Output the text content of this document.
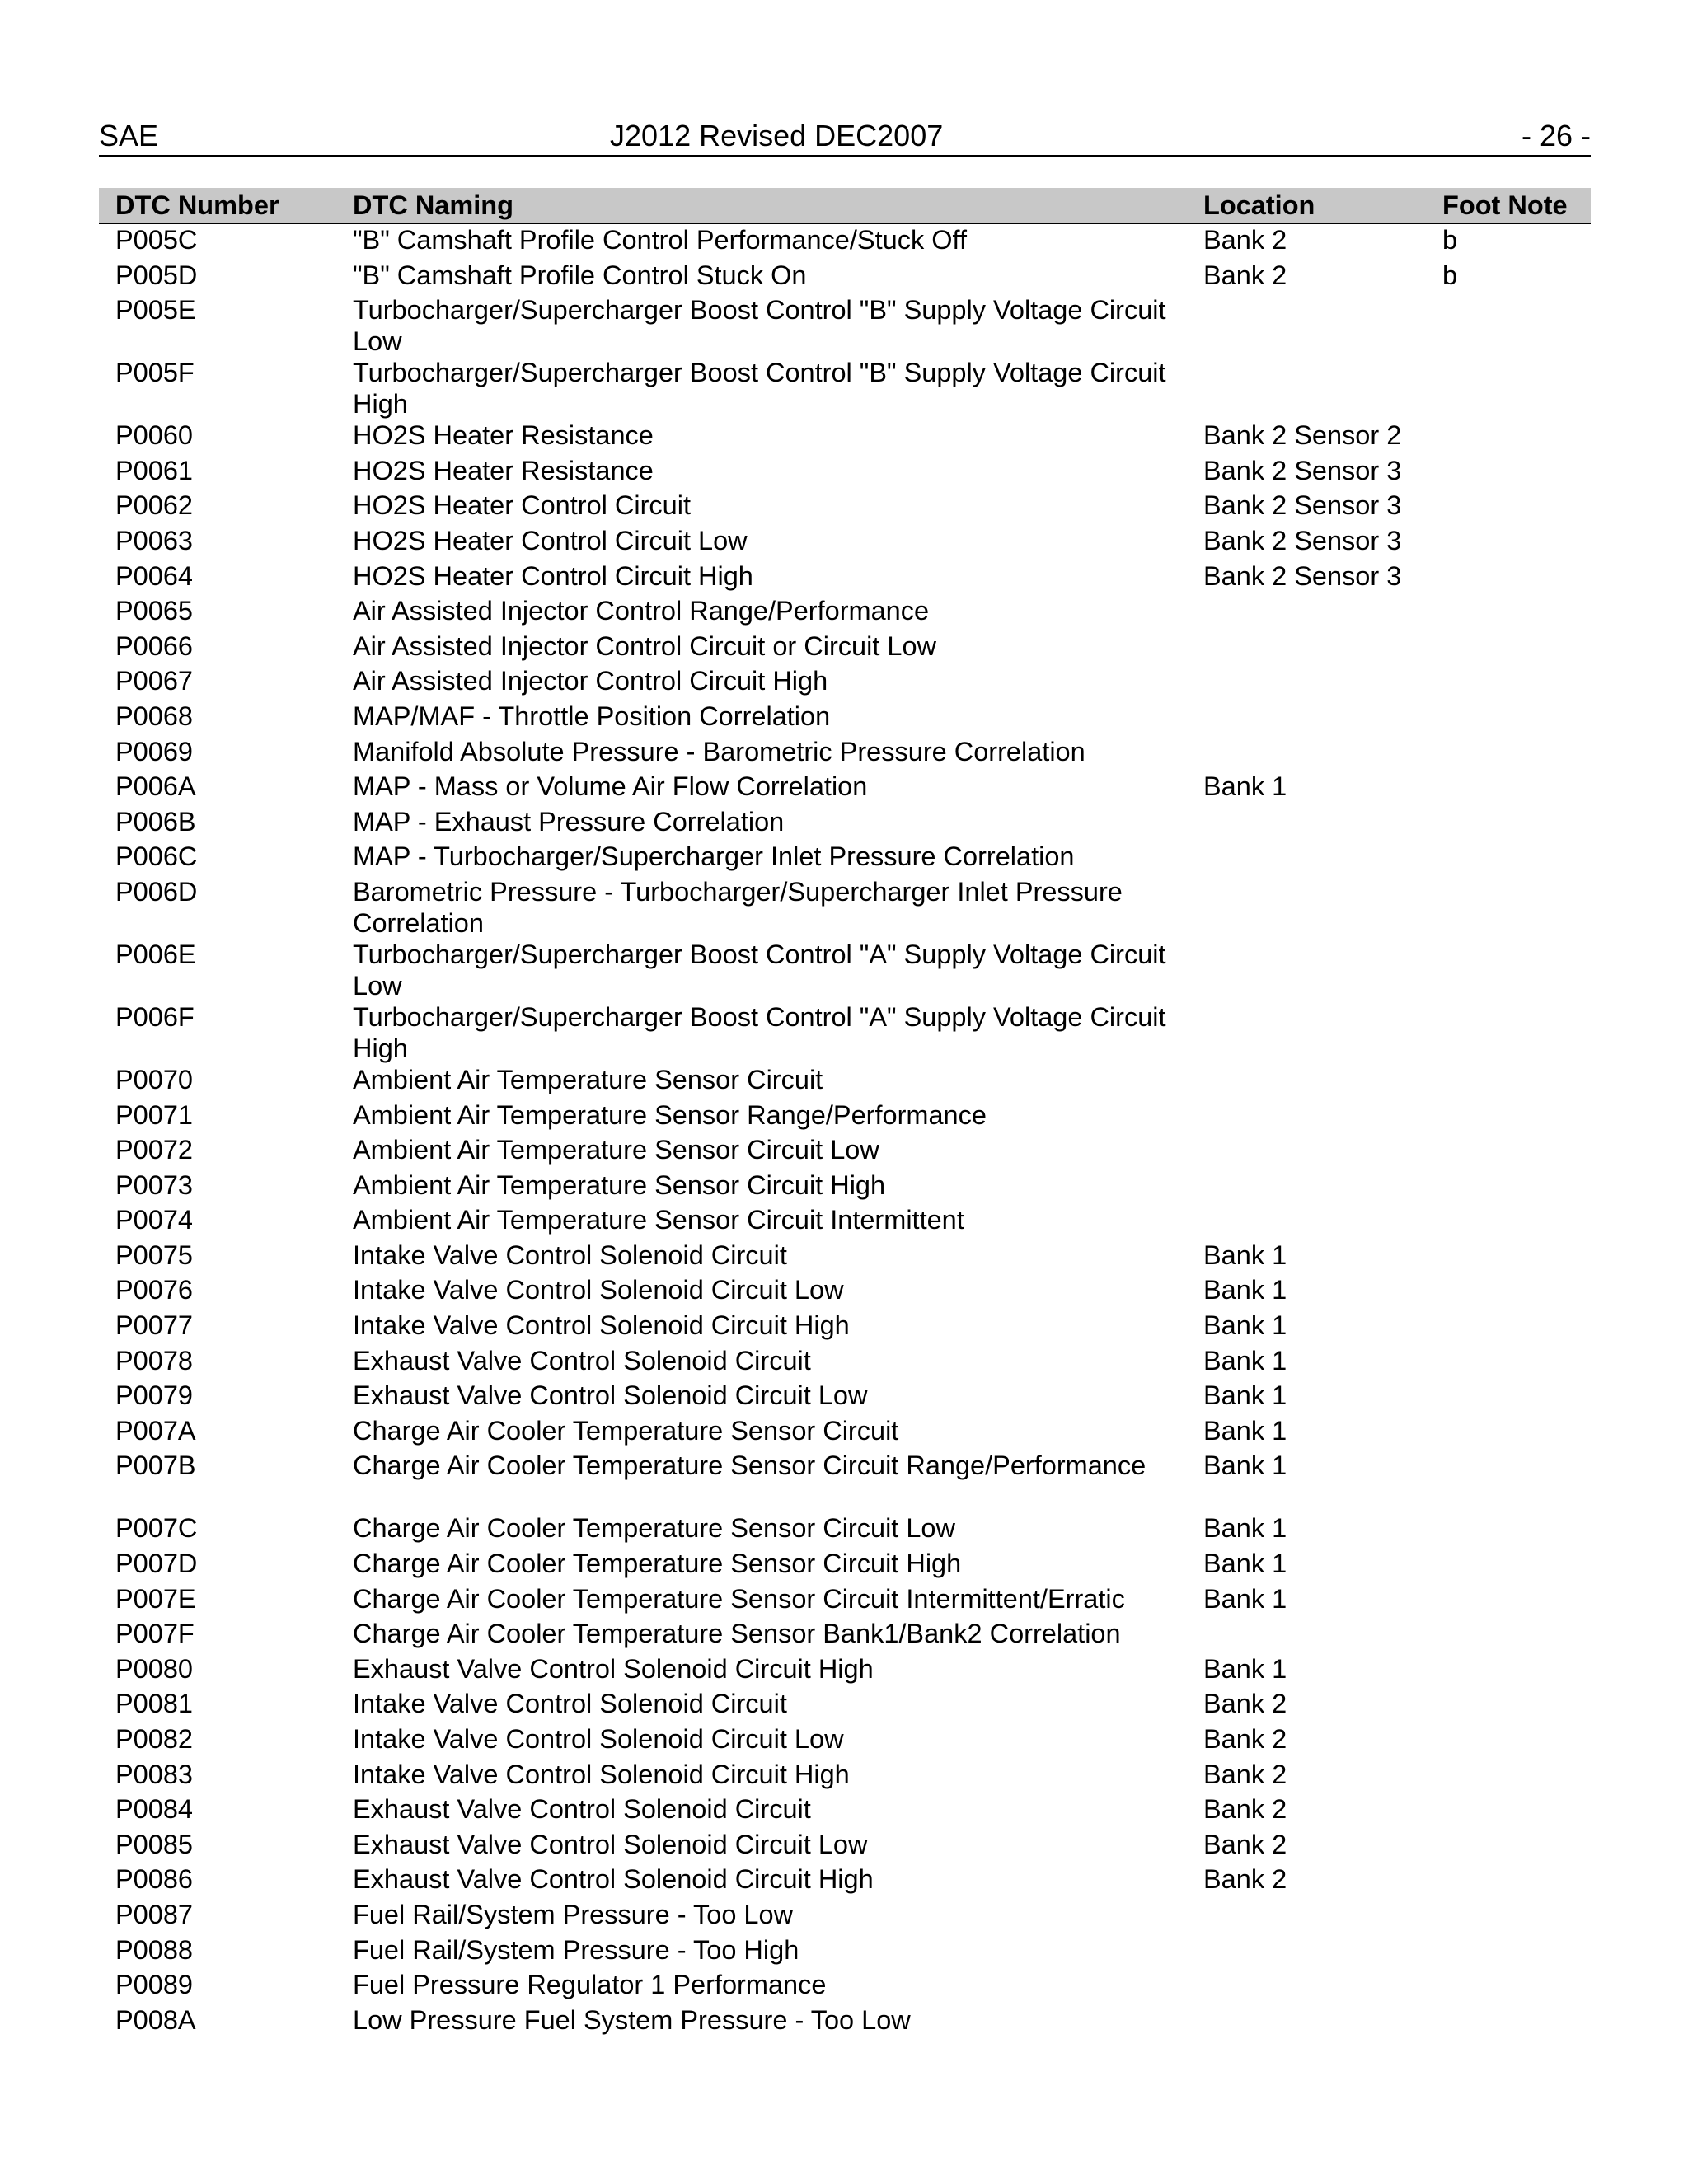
SAE	J2012 Revised DEC2007	- 26 -
DTC Number	DTC Naming	Location	Foot Note
P005C	"B" Camshaft Profile Control Performance/Stuck Off	Bank 2	b
P005D	"B" Camshaft Profile Control Stuck On	Bank 2	b
P005E	Turbocharger/Supercharger Boost Control "B" Supply Voltage Circuit Low		
P005F	Turbocharger/Supercharger Boost Control "B" Supply Voltage Circuit High		
P0060	HO2S Heater Resistance	Bank 2 Sensor 2	
P0061	HO2S Heater Resistance	Bank 2 Sensor 3	
P0062	HO2S Heater Control Circuit	Bank 2 Sensor 3	
P0063	HO2S Heater Control Circuit Low	Bank 2 Sensor 3	
P0064	HO2S Heater Control Circuit High	Bank 2 Sensor 3	
P0065	Air Assisted Injector Control Range/Performance		
P0066	Air Assisted Injector Control Circuit or Circuit Low		
P0067	Air Assisted Injector Control Circuit High		
P0068	MAP/MAF - Throttle Position Correlation		
P0069	Manifold Absolute Pressure - Barometric Pressure Correlation		
P006A	MAP - Mass or Volume Air Flow Correlation	Bank 1	
P006B	MAP - Exhaust Pressure Correlation		
P006C	MAP - Turbocharger/Supercharger Inlet Pressure Correlation		
P006D	Barometric Pressure - Turbocharger/Supercharger Inlet Pressure Correlation		
P006E	Turbocharger/Supercharger Boost Control "A" Supply Voltage Circuit Low		
P006F	Turbocharger/Supercharger Boost Control "A" Supply Voltage Circuit High		
P0070	Ambient Air Temperature Sensor Circuit		
P0071	Ambient Air Temperature Sensor Range/Performance		
P0072	Ambient Air Temperature Sensor Circuit Low		
P0073	Ambient Air Temperature Sensor Circuit High		
P0074	Ambient Air Temperature Sensor Circuit Intermittent		
P0075	Intake Valve Control Solenoid Circuit	Bank 1	
P0076	Intake Valve Control Solenoid Circuit Low	Bank 1	
P0077	Intake Valve Control Solenoid Circuit High	Bank 1	
P0078	Exhaust Valve Control Solenoid Circuit	Bank 1	
P0079	Exhaust Valve Control Solenoid Circuit Low	Bank 1	
P007A	Charge Air Cooler Temperature Sensor Circuit	Bank 1	
P007B	Charge Air Cooler Temperature Sensor Circuit Range/Performance	Bank 1	
P007C	Charge Air Cooler Temperature Sensor Circuit Low	Bank 1	
P007D	Charge Air Cooler Temperature Sensor Circuit High	Bank 1	
P007E	Charge Air Cooler Temperature Sensor Circuit Intermittent/Erratic	Bank 1	
P007F	Charge Air Cooler Temperature Sensor Bank1/Bank2 Correlation		
P0080	Exhaust Valve Control Solenoid Circuit High	Bank 1	
P0081	Intake Valve Control Solenoid Circuit	Bank 2	
P0082	Intake Valve Control Solenoid Circuit Low	Bank 2	
P0083	Intake Valve Control Solenoid Circuit High	Bank 2	
P0084	Exhaust Valve Control Solenoid Circuit	Bank 2	
P0085	Exhaust Valve Control Solenoid Circuit Low	Bank 2	
P0086	Exhaust Valve Control Solenoid Circuit High	Bank 2	
P0087	Fuel Rail/System Pressure - Too Low		
P0088	Fuel Rail/System Pressure - Too High		
P0089	Fuel Pressure Regulator 1 Performance		
P008A	Low Pressure Fuel System Pressure - Too Low		
